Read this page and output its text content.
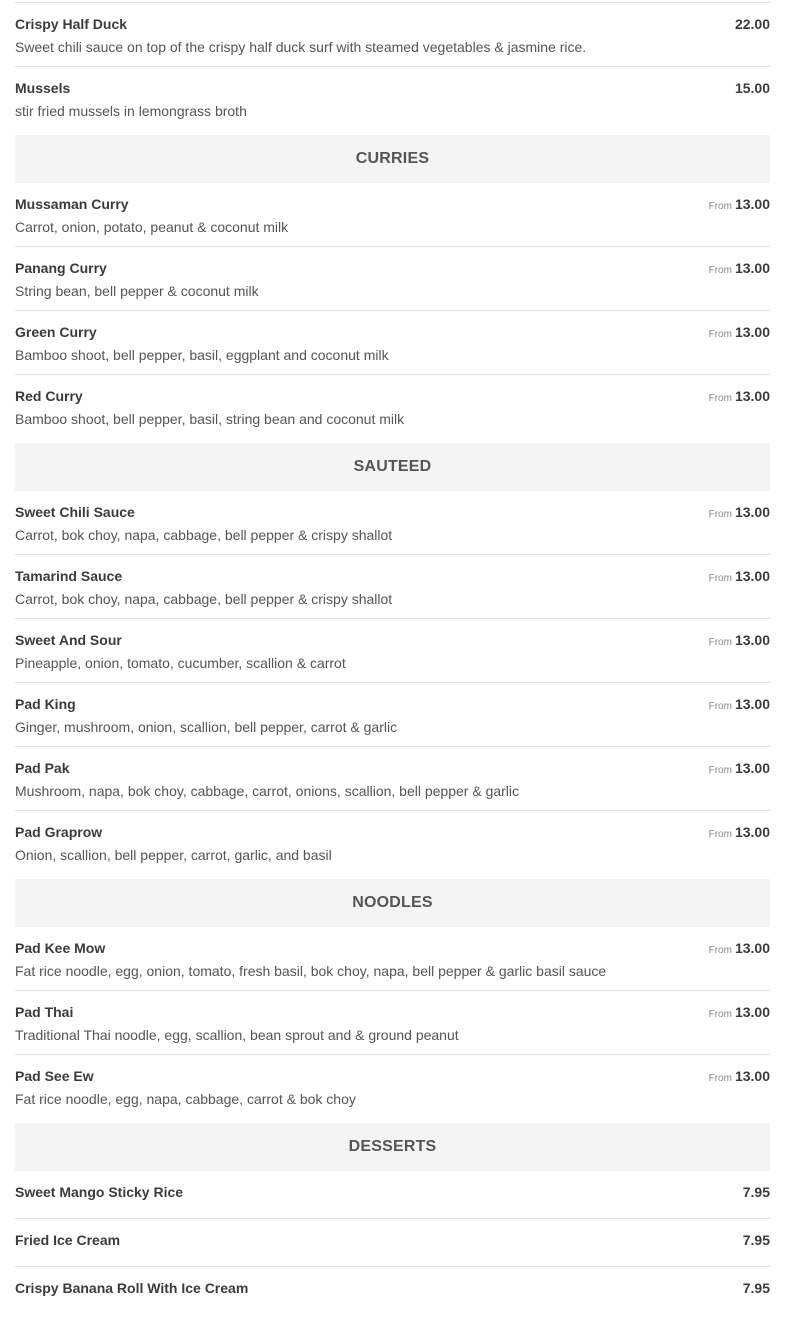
Crispy Half Duck
Sweet chili sauce on top of the crispy half duck surf with steamed vegetables & jasmine rice.
22.00
Mussels
stir fried mussels in lemongrass broth
15.00
CURRIES
Mussaman Curry
Carrot, onion, potato, peanut & coconut milk
From 13.00
Panang Curry
String bean, bell pepper & coconut milk
From 13.00
Green Curry
Bamboo shoot, bell pepper, basil, eggplant and coconut milk
From 13.00
Red Curry
Bamboo shoot, bell pepper, basil, string bean and coconut milk
From 13.00
SAUTEED
Sweet Chili Sauce
Carrot, bok choy, napa, cabbage, bell pepper & crispy shallot
From 13.00
Tamarind Sauce
Carrot, bok choy, napa, cabbage, bell pepper & crispy shallot
From 13.00
Sweet And Sour
Pineapple, onion, tomato, cucumber, scallion & carrot
From 13.00
Pad King
Ginger, mushroom, onion, scallion, bell pepper, carrot & garlic
From 13.00
Pad Pak
Mushroom, napa, bok choy, cabbage, carrot, onions, scallion, bell pepper & garlic
From 13.00
Pad Graprow
Onion, scallion, bell pepper, carrot, garlic, and basil
From 13.00
NOODLES
Pad Kee Mow
Fat rice noodle, egg, onion, tomato, fresh basil, bok choy, napa, bell pepper & garlic basil sauce
From 13.00
Pad Thai
Traditional Thai noodle, egg, scallion, bean sprout and & ground peanut
From 13.00
Pad See Ew
Fat rice noodle, egg, napa, cabbage, carrot & bok choy
From 13.00
DESSERTS
Sweet Mango Sticky Rice	7.95
Fried Ice Cream	7.95
Crispy Banana Roll With Ice Cream	7.95
